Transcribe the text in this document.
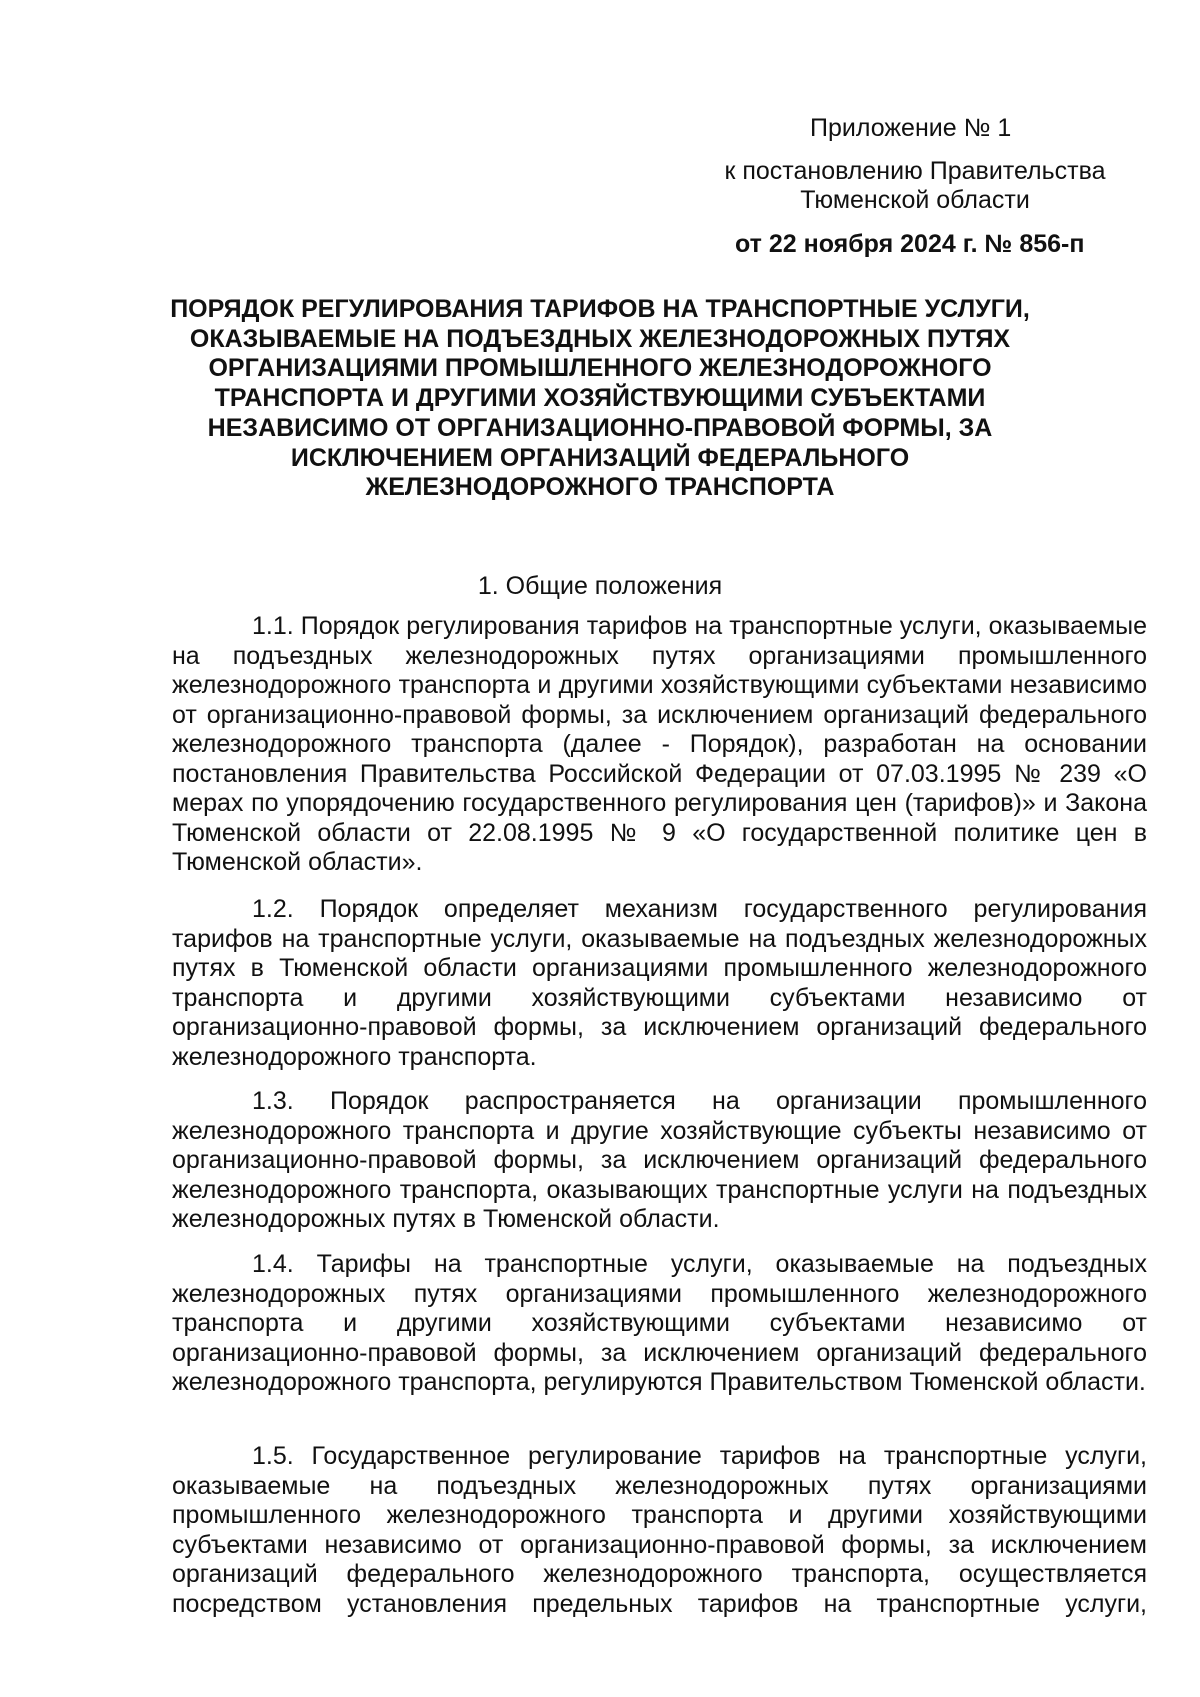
Приложение № 1
к постановлению Правительства Тюменской области
от 22 ноября 2024 г. № 856-п
ПОРЯДОК РЕГУЛИРОВАНИЯ ТАРИФОВ НА ТРАНСПОРТНЫЕ УСЛУГИ, ОКАЗЫВАЕМЫЕ НА ПОДЪЕЗДНЫХ ЖЕЛЕЗНОДОРОЖНЫХ ПУТЯХ ОРГАНИЗАЦИЯМИ ПРОМЫШЛЕННОГО ЖЕЛЕЗНОДОРОЖНОГО ТРАНСПОРТА И ДРУГИМИ ХОЗЯЙСТВУЮЩИМИ СУБЪЕКТАМИ НЕЗАВИСИМО ОТ ОРГАНИЗАЦИОННО-ПРАВОВОЙ ФОРМЫ, ЗА ИСКЛЮЧЕНИЕМ ОРГАНИЗАЦИЙ ФЕДЕРАЛЬНОГО ЖЕЛЕЗНОДОРОЖНОГО ТРАНСПОРТА
1. Общие положения
1.1. Порядок регулирования тарифов на транспортные услуги, оказываемые на подъездных железнодорожных путях организациями промышленного железнодорожного транспорта и другими хозяйствующими субъектами независимо от организационно-правовой формы, за исключением организаций федерального железнодорожного транспорта (далее - Порядок), разработан на основании постановления Правительства Российской Федерации от 07.03.1995 № 239 «О мерах по упорядочению государственного регулирования цен (тарифов)» и Закона Тюменской области от 22.08.1995 № 9 «О государственной политике цен в Тюменской области».
1.2. Порядок определяет механизм государственного регулирования тарифов на транспортные услуги, оказываемые на подъездных железнодорожных путях в Тюменской области организациями промышленного железнодорожного транспорта и другими хозяйствующими субъектами независимо от организационно-правовой формы, за исключением организаций федерального железнодорожного транспорта.
1.3. Порядок распространяется на организации промышленного железнодорожного транспорта и другие хозяйствующие субъекты независимо от организационно-правовой формы, за исключением организаций федерального железнодорожного транспорта, оказывающих транспортные услуги на подъездных железнодорожных путях в Тюменской области.
1.4. Тарифы на транспортные услуги, оказываемые на подъездных железнодорожных путях организациями промышленного железнодорожного транспорта и другими хозяйствующими субъектами независимо от организационно-правовой формы, за исключением организаций федерального железнодорожного транспорта, регулируются Правительством Тюменской области.
1.5. Государственное регулирование тарифов на транспортные услуги, оказываемые на подъездных железнодорожных путях организациями промышленного железнодорожного транспорта и другими хозяйствующими субъектами независимо от организационно-правовой формы, за исключением организаций федерального железнодорожного транспорта, осуществляется посредством установления предельных тарифов на транспортные услуги,
